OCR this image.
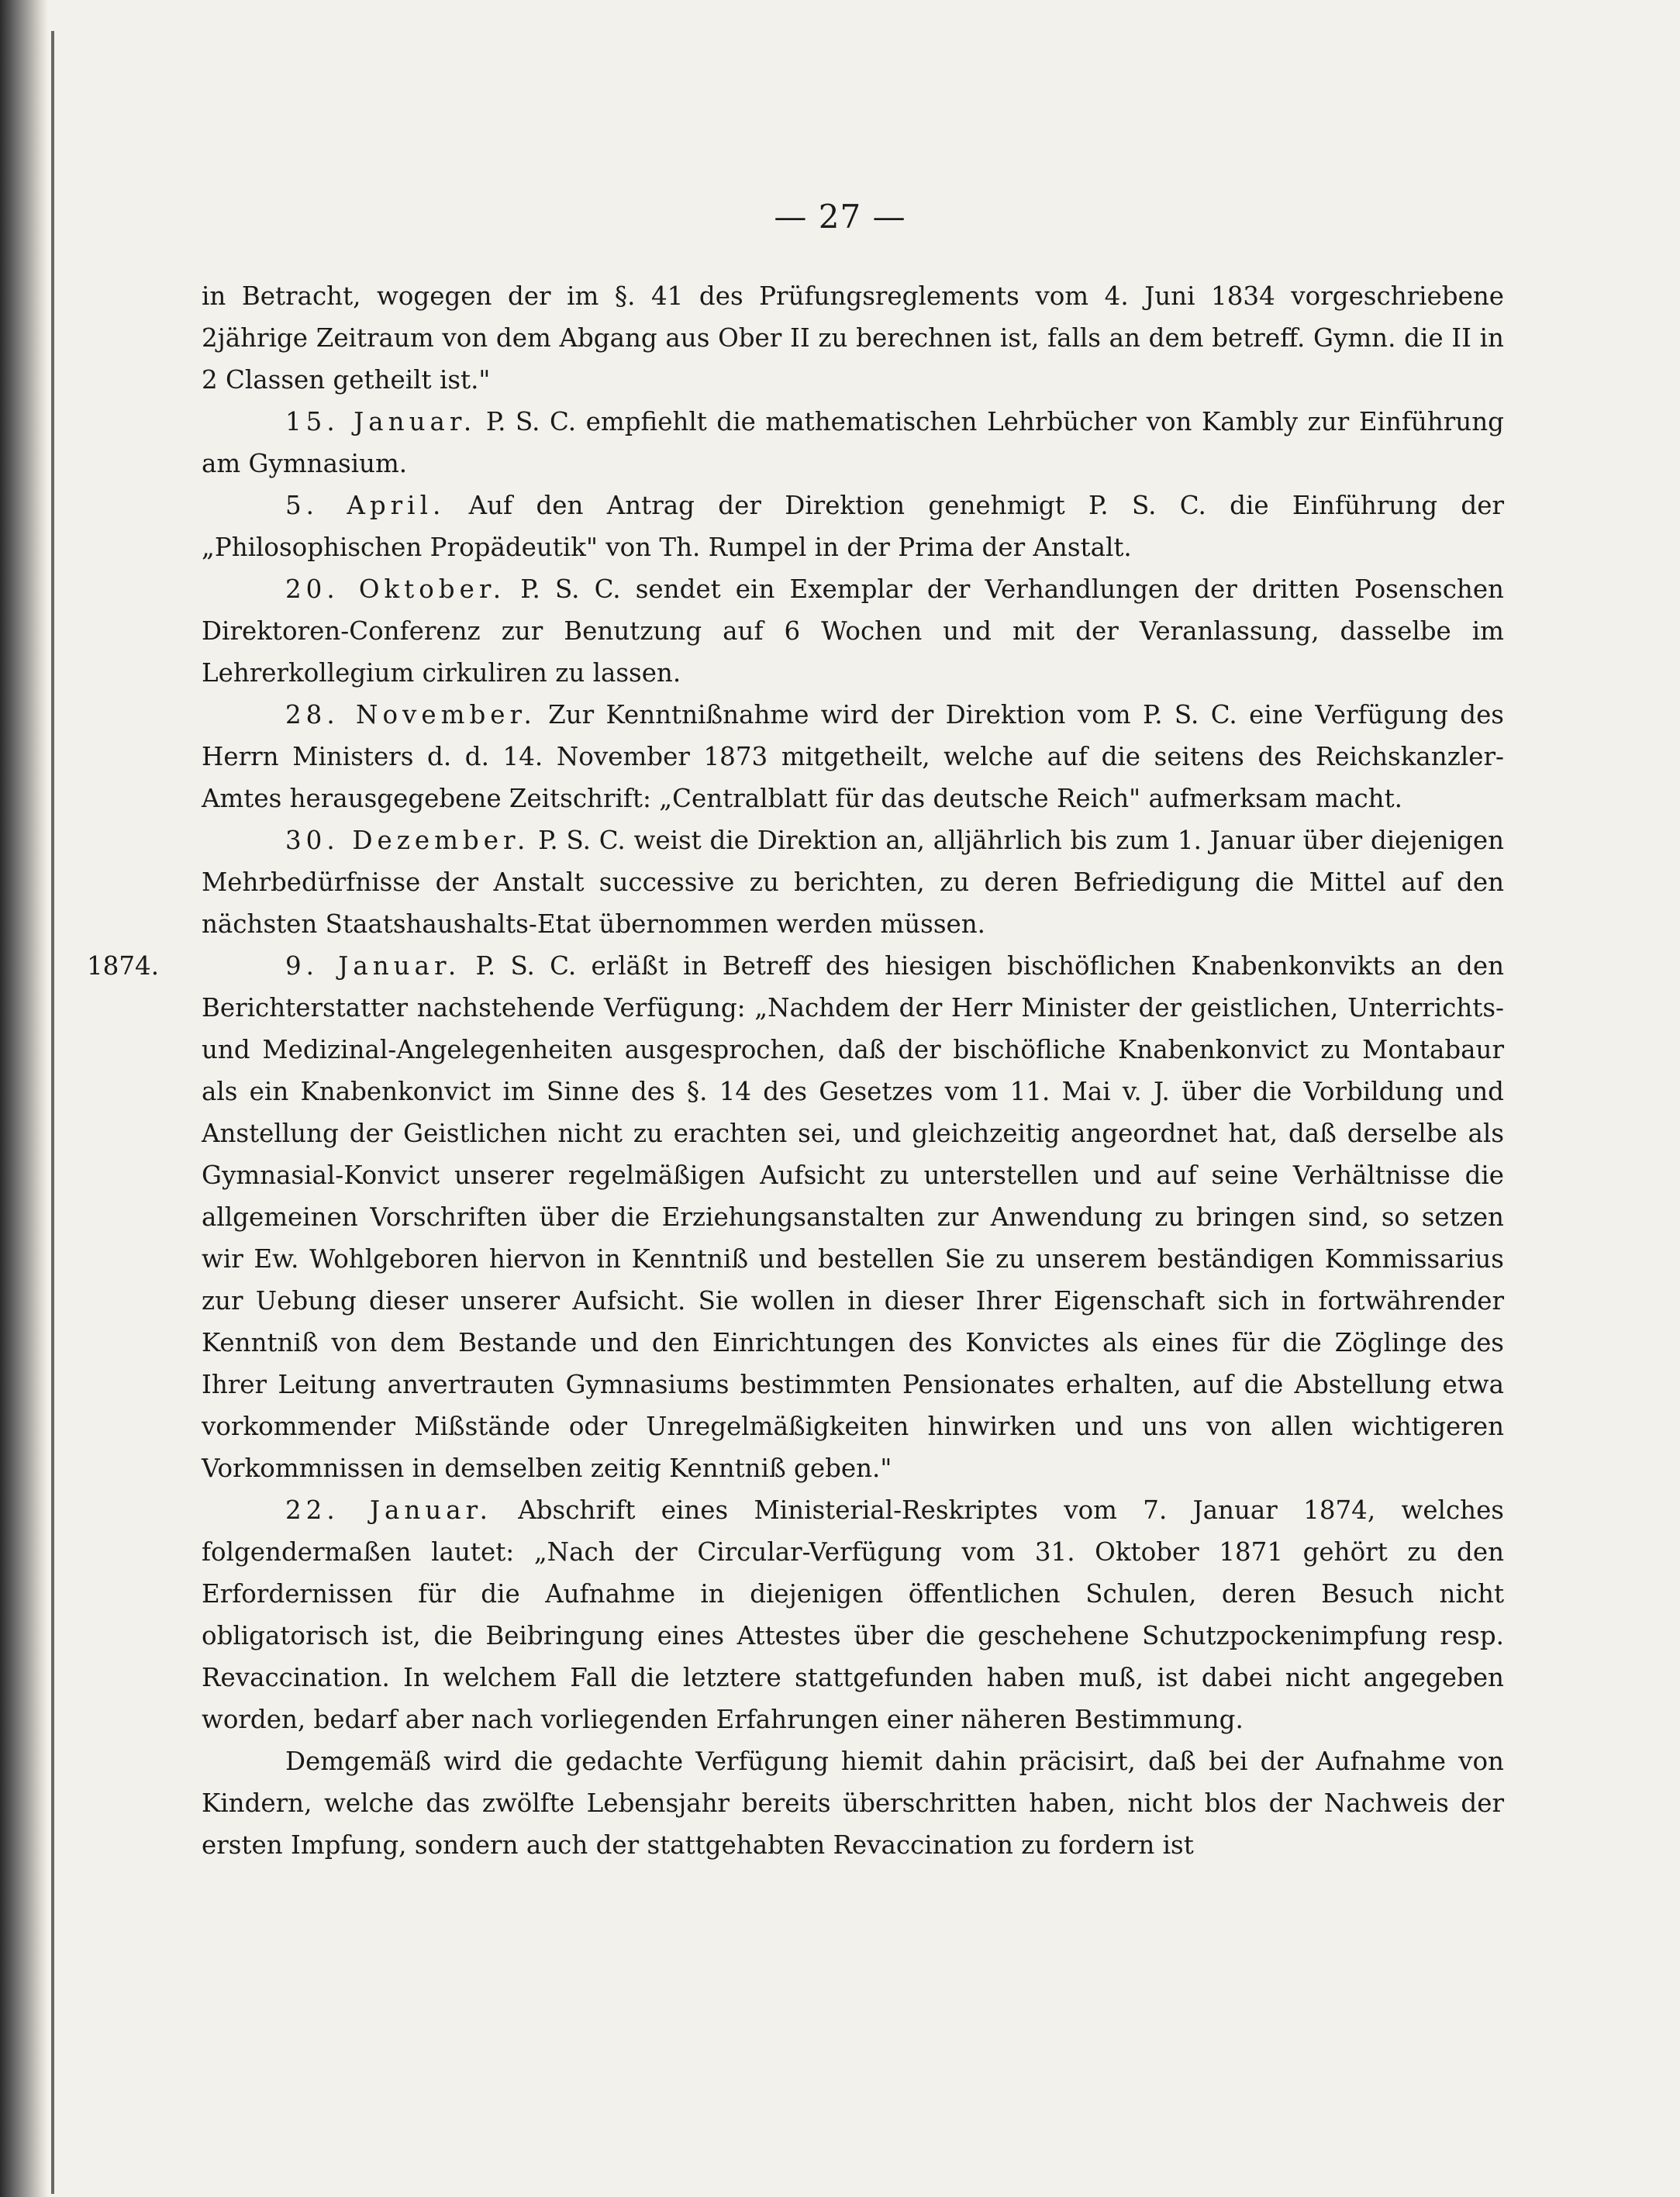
— 27 —

in Betracht, wogegen der im §. 41 des Prüfungsreglements vom 4. Juni 1834 vorgeschriebene 2jährige Zeitraum von dem Abgang aus Ober II zu berechnen ist, falls an dem betreff. Gymn. die II in 2 Classen getheilt ist."

15. Januar. P. S. C. empfiehlt die mathematischen Lehrbücher von Kambly zur Einführung am Gymnasium.

5. April. Auf den Antrag der Direktion genehmigt P. S. C. die Einführung der „Philosophischen Propädeutik" von Th. Rumpel in der Prima der Anstalt.

20. Oktober. P. S. C. sendet ein Exemplar der Verhandlungen der dritten Posenschen Direktoren-Conferenz zur Benutzung auf 6 Wochen und mit der Veranlassung, dasselbe im Lehrerkollegium cirkuliren zu lassen.

28. November. Zur Kenntnißnahme wird der Direktion vom P. S. C. eine Verfügung des Herrn Ministers d. d. 14. November 1873 mitgetheilt, welche auf die seitens des Reichskanzler-Amtes herausgegebene Zeitschrift: „Centralblatt für das deutsche Reich" aufmerksam macht.

30. Dezember. P. S. C. weist die Direktion an, alljährlich bis zum 1. Januar über diejenigen Mehrbedürfnisse der Anstalt successive zu berichten, zu deren Befriedigung die Mittel auf den nächsten Staatshaushalts-Etat übernommen werden müssen.

1874.	9. Januar. P. S. C. erläßt in Betreff des hiesigen bischöflichen Knabenkonvikts an den Berichterstatter nachstehende Verfügung: „Nachdem der Herr Minister der geistlichen, Unterrichts- und Medizinal-Angelegenheiten ausgesprochen, daß der bischöfliche Knabenkonvict zu Montabaur als ein Knabenkonvict im Sinne des §. 14 des Gesetzes vom 11. Mai v. J. über die Vorbildung und Anstellung der Geistlichen nicht zu erachten sei, und gleichzeitig angeordnet hat, daß derselbe als Gymnasial-Konvict unserer regelmäßigen Aufsicht zu unterstellen und auf seine Verhältnisse die allgemeinen Vorschriften über die Erziehungsanstalten zur Anwendung zu bringen sind, so setzen wir Ew. Wohlgeboren hiervon in Kenntniß und bestellen Sie zu unserem beständigen Kommissarius zur Uebung dieser unserer Aufsicht. Sie wollen in dieser Ihrer Eigenschaft sich in fortwährender Kenntniß von dem Bestande und den Einrichtungen des Konvictes als eines für die Zöglinge des Ihrer Leitung anvertrauten Gymnasiums bestimmten Pensionates erhalten, auf die Abstellung etwa vorkommender Mißstände oder Unregelmäßigkeiten hinwirken und uns von allen wichtigeren Vorkommnissen in demselben zeitig Kenntniß geben."

22. Januar. Abschrift eines Ministerial-Reskriptes vom 7. Januar 1874, welches folgendermaßen lautet: „Nach der Circular-Verfügung vom 31. Oktober 1871 gehört zu den Erfordernissen für die Aufnahme in diejenigen öffentlichen Schulen, deren Besuch nicht obligatorisch ist, die Beibringung eines Attestes über die geschehene Schutzpockenimpfung resp. Revaccination. In welchem Fall die letztere stattgefunden haben muß, ist dabei nicht angegeben worden, bedarf aber nach vorliegenden Erfahrungen einer näheren Bestimmung.

Demgemäß wird die gedachte Verfügung hiemit dahin präcisirt, daß bei der Aufnahme von Kindern, welche das zwölfte Lebensjahr bereits überschritten haben, nicht blos der Nachweis der ersten Impfung, sondern auch der stattgehabten Revaccination zu fordern ist
